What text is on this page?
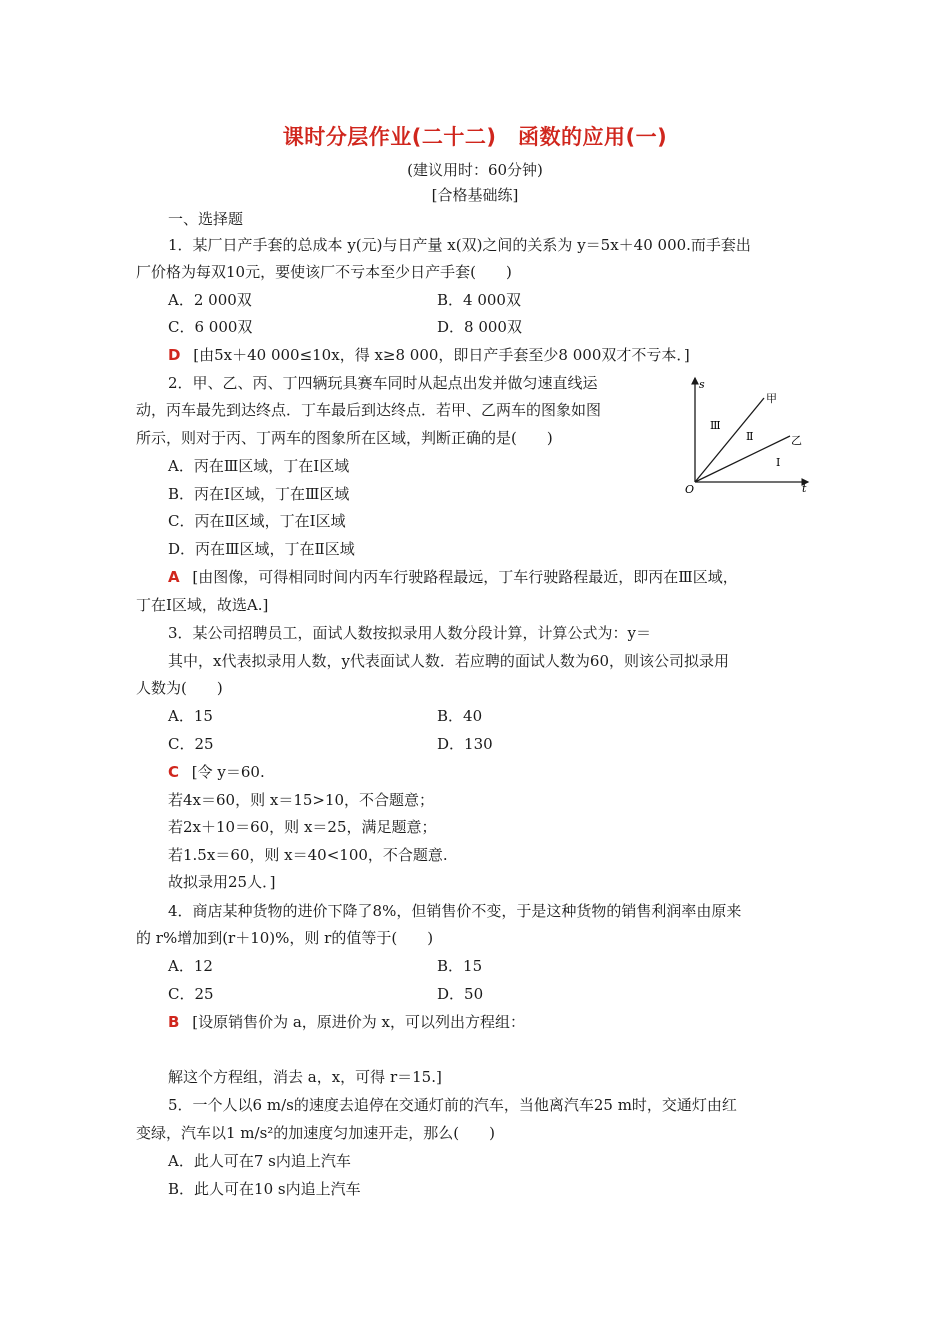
课时分层作业(二十二)　函数的应用(一)
(建议用时：60分钟)
[合格基础练]
一、选择题
1．某厂日产手套的总成本 y(元)与日产量 x(双)之间的关系为 y＝5x＋40 000.而手套出
厂价格为每双10元，要使该厂不亏本至少日产手套(　　)
A．2 000双	B．4 000双
C．6 000双	D．8 000双
D [由5x＋40 000≤10x，得 x≥8 000，即日产手套至少8 000双才不亏本．]
2．甲、乙、丙、丁四辆玩具赛车同时从起点出发并做匀速直线运
动，丙车最先到达终点．丁车最后到达终点．若甲、乙两车的图象如图
所示，则对于丙、丁两车的图象所在区域，判断正确的是(　　)
A．丙在Ⅲ区域，丁在Ⅰ区域
B．丙在Ⅰ区域，丁在Ⅲ区域
C．丙在Ⅱ区域，丁在Ⅰ区域
D．丙在Ⅲ区域，丁在Ⅱ区域
A [由图像，可得相同时间内丙车行驶路程最远，丁车行驶路程最近，即丙在Ⅲ区域，
丁在Ⅰ区域，故选A.]
s
t
O
甲
乙
Ⅲ
Ⅱ
Ⅰ
3．某公司招聘员工，面试人数按拟录用人数分段计算，计算公式为：y＝
其中，x代表拟录用人数，y代表面试人数．若应聘的面试人数为60，则该公司拟录用
人数为(　　)
A．15	B．40
C．25	D．130
C [令 y＝60.
若4x＝60，则 x＝15>10，不合题意；
若2x＋10＝60，则 x＝25，满足题意；
若1.5x＝60，则 x＝40<100，不合题意.
故拟录用25人．]
4．商店某种货物的进价下降了8%，但销售价不变，于是这种货物的销售利润率由原来
的 r%增加到(r＋10)%，则 r的值等于(　　)
A．12	B．15
C．25	D．50
B [设原销售价为 a，原进价为 x，可以列出方程组：
解这个方程组，消去 a，x，可得 r＝15.]
5．一个人以6 m/s的速度去追停在交通灯前的汽车，当他离汽车25 m时，交通灯由红
变绿，汽车以1 m/s²的加速度匀加速开走，那么(　　)
A．此人可在7 s内追上汽车
B．此人可在10 s内追上汽车
